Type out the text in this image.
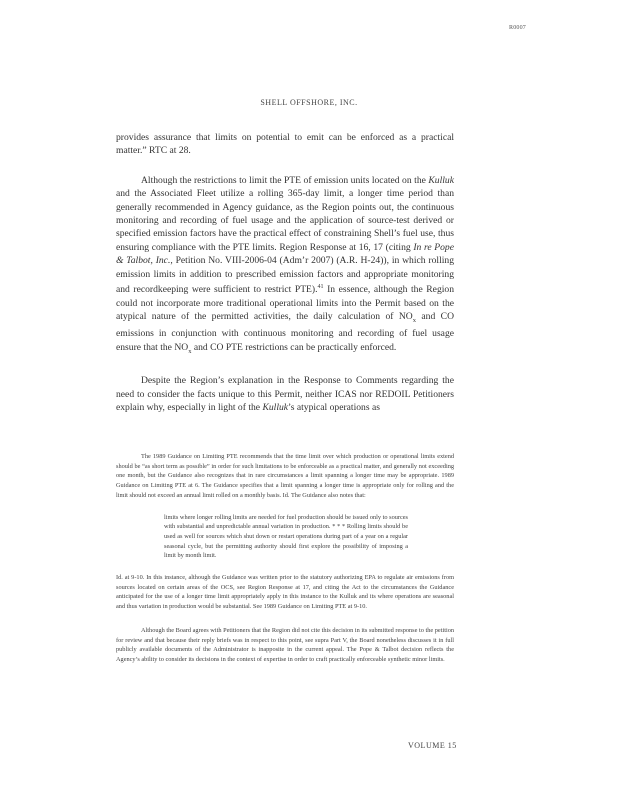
R0007
SHELL OFFSHORE, INC.

provides assurance that limits on potential to emit can be enforced as a practical matter.” RTC at 28.

Although the restrictions to limit the PTE of emission units located on the Kulluk and the Associated Fleet utilize a rolling 365-day limit, a longer time period than generally recommended in Agency guidance, as the Region points out, the continuous monitoring and recording of fuel usage and the application of source-test derived or specified emission factors have the practical effect of constraining Shell’s fuel use, thus ensuring compliance with the PTE limits. Region Response at 16, 17 (citing In re Pope & Talbot, Inc., Petition No. VIII-2006-04 (Adm’r 2007) (A.R. H-24)), in which rolling emission limits in addition to prescribed emission factors and appropriate monitoring and recordkeeping were sufficient to restrict PTE).$^{41}$ In essence, although the Region could not incorporate more traditional operational limits into the Permit based on the atypical nature of the permitted activities, the daily calculation of $NO_x$ and CO emissions in conjunction with continuous monitoring and recording of fuel usage ensure that the $NO_x$ and CO PTE restrictions can be practically enforced.

Despite the Region’s explanation in the Response to Comments regarding the need to consider the facts unique to this Permit, neither ICAS nor REDOIL Petitioners explain why, especially in light of the Kulluk’s atypical operations as

The 1989 Guidance on Limiting PTE recommends that the time limit over which production or operational limits extend should be “as short term as possible” in order for such limitations to be enforceable as a practical matter, and generally not exceeding one month, but the Guidance also recognizes that in rare circumstances a limit spanning a longer time may be appropriate. 1989 Guidance on Limiting PTE at 6. The Guidance specifies that a limit spanning a longer time is appropriate only for rolling and the limit should not exceed an annual limit rolled on a monthly basis. Id. The Guidance also notes that:

limits where longer rolling limits are needed for fuel production should be issued only to sources with substantial and unpredictable annual variation in production. * * * Rolling limits should be used as well for sources which shut down or restart operations during part of a year on a regular seasonal cycle, but the permitting authority should first explore the possibility of imposing a limit by month limit.

Id. at 9-10. In this instance, although the Guidance was written prior to the statutory authorizing EPA to regulate air emissions from sources located on certain areas of the OCS, see Region Response at 17, and citing the Act to the circumstances the Guidance anticipated for the use of a longer time limit appropriately apply in this instance to the Kulluk and its where operations are seasonal and thus variation in production would be substantial. See 1989 Guidance on Limiting PTE at 9-10.

Although the Board agrees with Petitioners that the Region did not cite this decision in its submitted response to the petition for review and that because their reply briefs was in respect to this point, see supra Part V, the Board nonetheless discusses it in full publicly available documents of the Administrator is inapposite in the current appeal. The Pope & Talbot decision reflects the Agency’s ability to consider its decisions in the context of expertise in order to craft practically enforceable synthetic minor limits.

VOLUME 15
